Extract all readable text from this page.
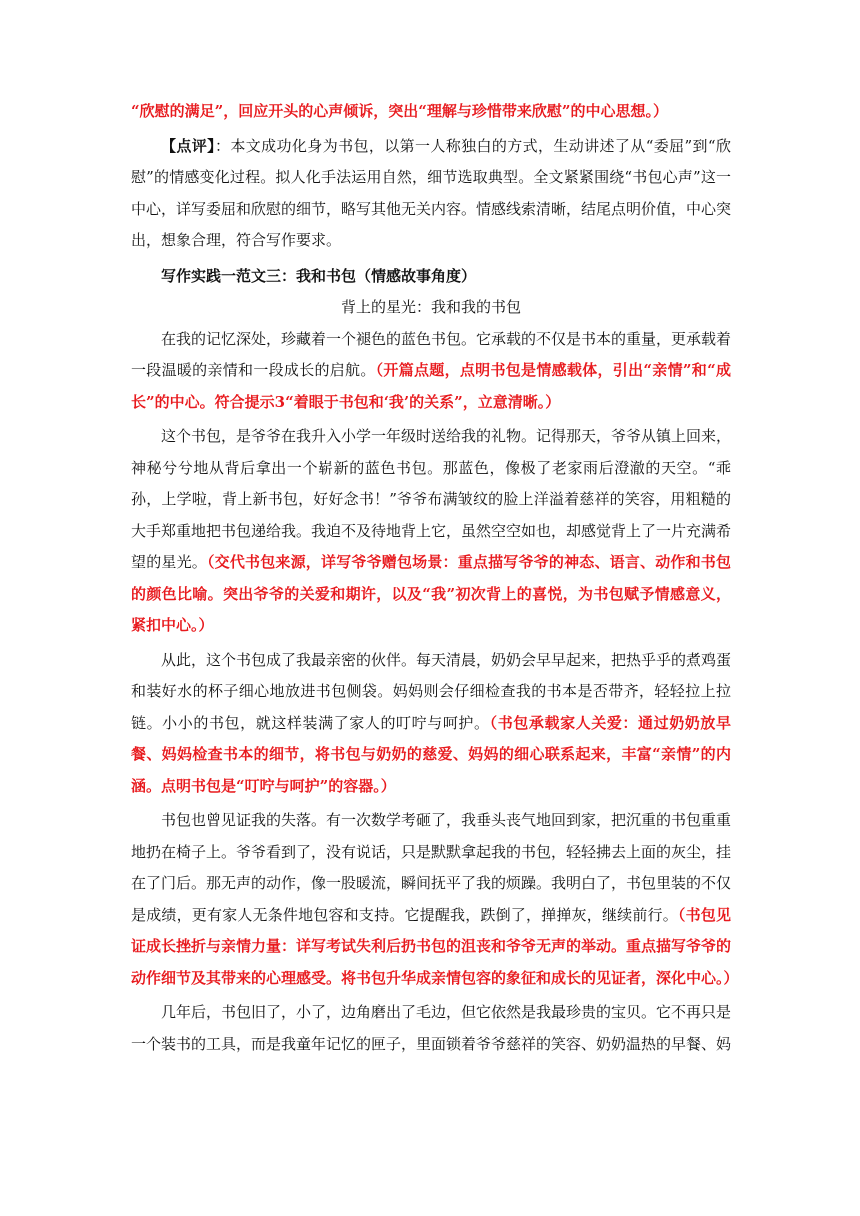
“欣慰的满足”，回应开头的心声倾诉，突出“理解与珍惜带来欣慰”的中心思想。）

【点评】：本文成功化身为书包，以第一人称独白的方式，生动讲述了从“委屈”到“欣慰”的情感变化过程。拟人化手法运用自然，细节选取典型。全文紧紧围绕“书包心声”这一中心，详写委屈和欣慰的细节，略写其他无关内容。情感线索清晰，结尾点明价值，中心突出，想象合理，符合写作要求。

写作实践一范文三：我和书包（情感故事角度）

背上的星光：我和我的书包

在我的记忆深处，珍藏着一个褪色的蓝色书包。它承载的不仅是书本的重量，更承载着一段温暖的亲情和一段成长的启航。（开篇点题，点明书包是情感载体，引出“亲情”和“成长”的中心。符合提示3“着眼于书包和‘我’的关系”，立意清晰。）

这个书包，是爷爷在我升入小学一年级时送给我的礼物。记得那天，爷爷从镇上回来，神秘兮兮地从背后拿出一个崭新的蓝色书包。那蓝色，像极了老家雨后澄澈的天空。“乖孙，上学啦，背上新书包，好好念书！”爷爷布满皱纹的脸上洋溢着慈祥的笑容，用粗糙的大手郑重地把书包递给我。我迫不及待地背上它，虽然空空如也，却感觉背上了一片充满希望的星光。（交代书包来源，详写爷爷赠包场景：重点描写爷爷的神态、语言、动作和书包的颜色比喻。突出爷爷的关爱和期许，以及“我”初次背上的喜悦，为书包赋予情感意义，紧扣中心。）

从此，这个书包成了我最亲密的伙伴。每天清晨，奶奶会早早起来，把热乎乎的煮鸡蛋和装好水的杯子细心地放进书包侧袋。妈妈则会仔细检查我的书本是否带齐，轻轻拉上拉链。小小的书包，就这样装满了家人的叮咛与呵护。（书包承载家人关爱：通过奶奶放早餐、妈妈检查书本的细节，将书包与奶奶的慈爱、妈妈的细心联系起来，丰富“亲情”的内涵。点明书包是“叮咛与呵护”的容器。）

书包也曾见证我的失落。有一次数学考砸了，我垂头丧气地回到家，把沉重的书包重重地扔在椅子上。爷爷看到了，没有说话，只是默默拿起我的书包，轻轻拂去上面的灰尘，挂在了门后。那无声的动作，像一股暖流，瞬间抚平了我的烦躁。我明白了，书包里装的不仅是成绩，更有家人无条件地包容和支持。它提醒我，跌倒了，掸掸灰，继续前行。（书包见证成长挫折与亲情力量：详写考试失利后扔书包的沮丧和爷爷无声的举动。重点描写爷爷的动作细节及其带来的心理感受。将书包升华成亲情包容的象征和成长的见证者，深化中心。）

几年后，书包旧了，小了，边角磨出了毛边，但它依然是我最珍贵的宝贝。它不再只是一个装书的工具，而是我童年记忆的匣子，里面锁着爷爷慈祥的笑容、奶奶温热的早餐、妈
